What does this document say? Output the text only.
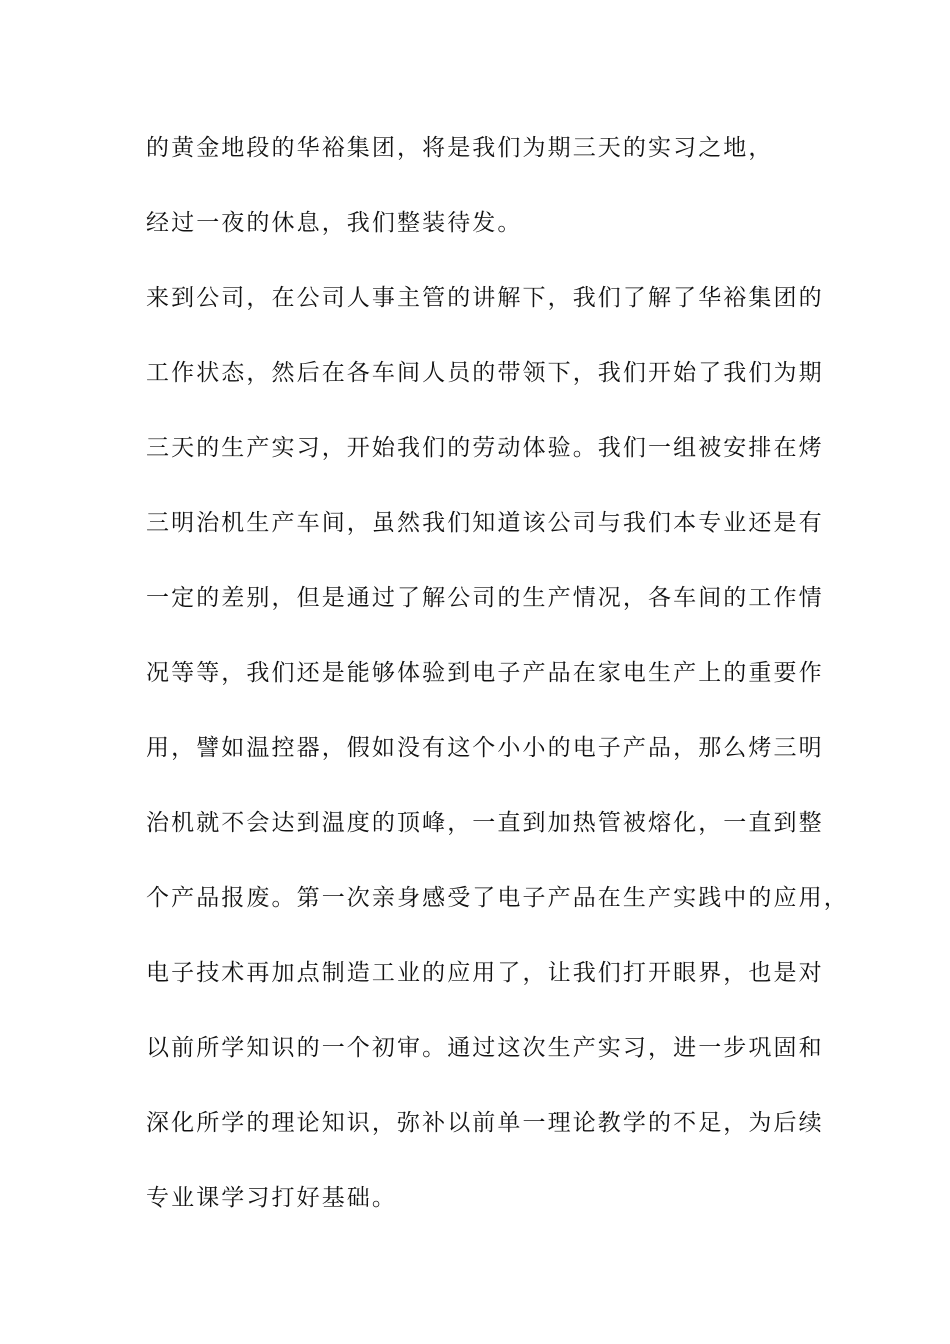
的黄金地段的华裕集团，将是我们为期三天的实习之地，
经过一夜的休息，我们整装待发。
来到公司，在公司人事主管的讲解下，我们了解了华裕集团的
工作状态，然后在各车间人员的带领下，我们开始了我们为期
三天的生产实习，开始我们的劳动体验。我们一组被安排在烤
三明治机生产车间，虽然我们知道该公司与我们本专业还是有
一定的差别，但是通过了解公司的生产情况，各车间的工作情
况等等，我们还是能够体验到电子产品在家电生产上的重要作
用，譬如温控器，假如没有这个小小的电子产品，那么烤三明
治机就不会达到温度的顶峰，一直到加热管被熔化，一直到整
个产品报废。第一次亲身感受了电子产品在生产实践中的应用，
电子技术再加点制造工业的应用了，让我们打开眼界，也是对
以前所学知识的一个初审。通过这次生产实习，进一步巩固和
深化所学的理论知识，弥补以前单一理论教学的不足，为后续
专业课学习打好基础。
